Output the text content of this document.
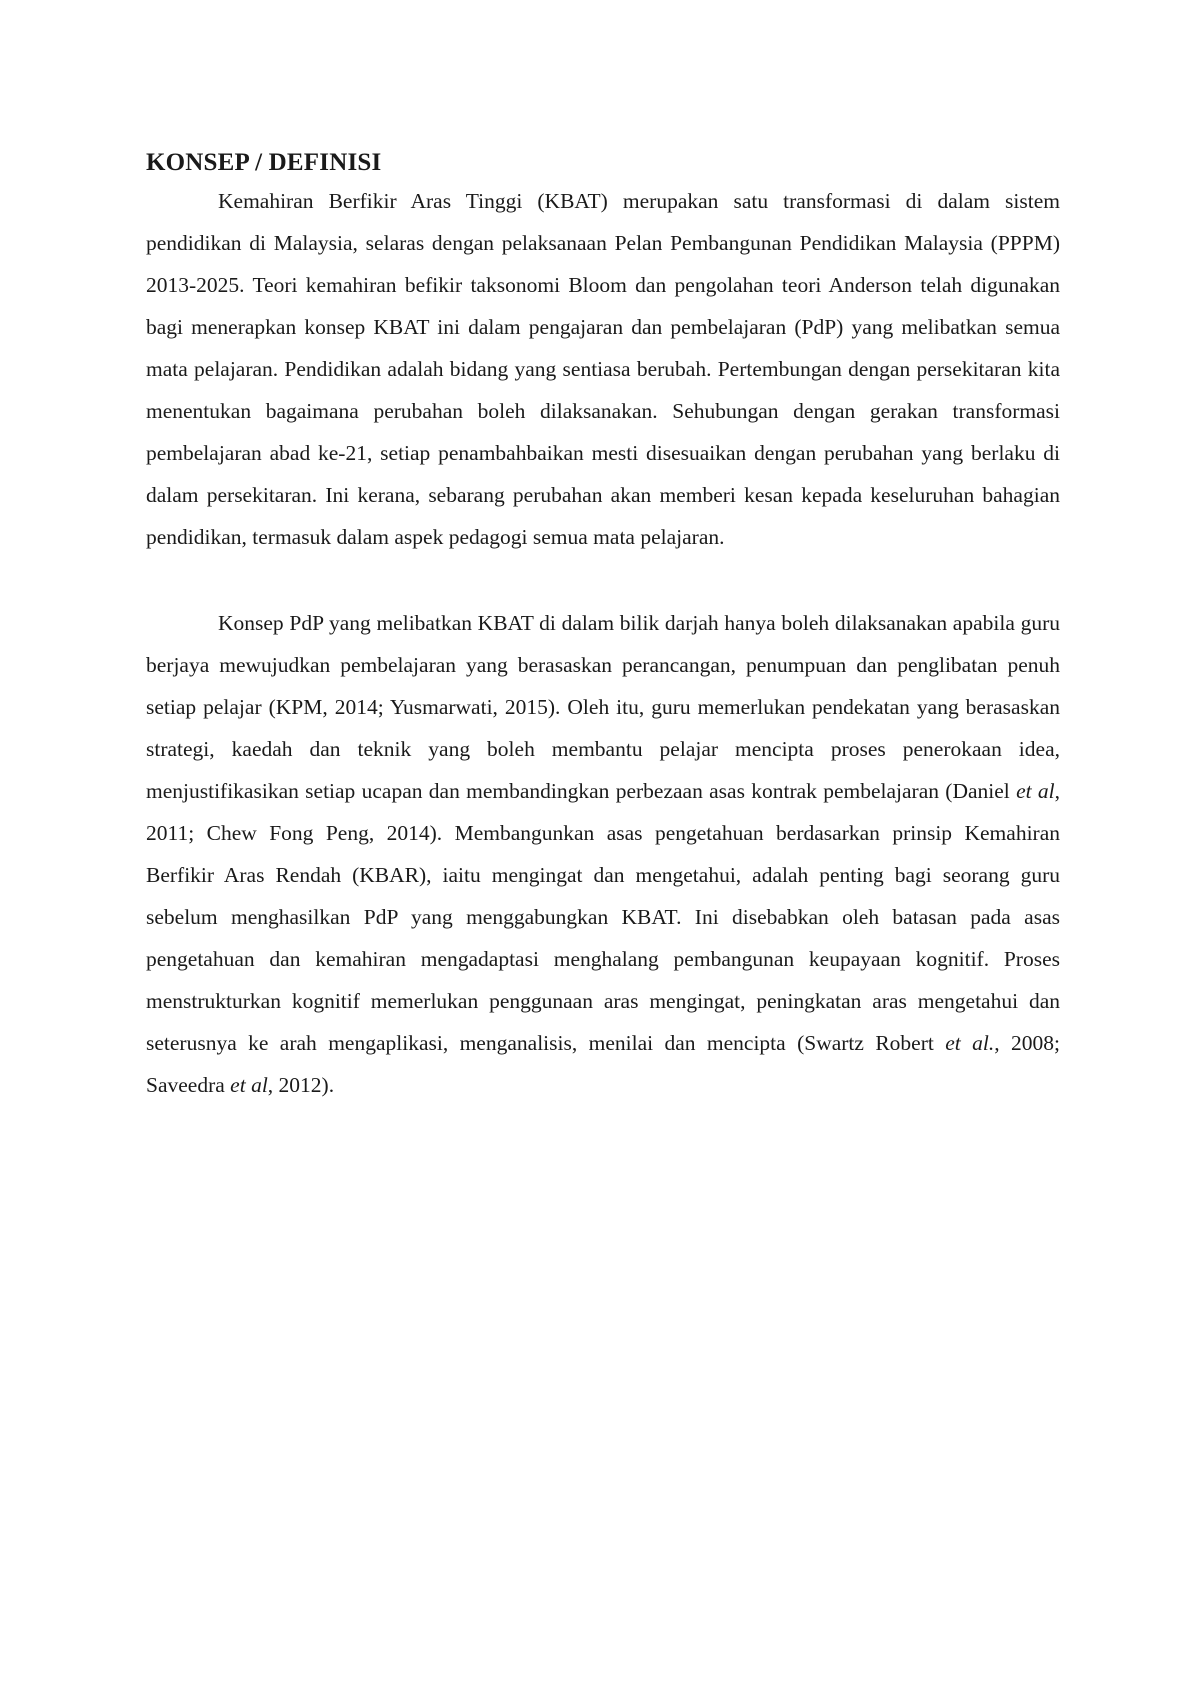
KONSEP / DEFINISI

Kemahiran Berfikir Aras Tinggi (KBAT) merupakan satu transformasi di dalam sistem pendidikan di Malaysia, selaras dengan pelaksanaan Pelan Pembangunan Pendidikan Malaysia (PPPM) 2013-2025. Teori kemahiran befikir taksonomi Bloom dan pengolahan teori Anderson telah digunakan bagi menerapkan konsep KBAT ini dalam pengajaran dan pembelajaran (PdP) yang melibatkan semua mata pelajaran. Pendidikan adalah bidang yang sentiasa berubah. Pertembungan dengan persekitaran kita menentukan bagaimana perubahan boleh dilaksanakan. Sehubungan dengan gerakan transformasi pembelajaran abad ke-21, setiap penambahbaikan mesti disesuaikan dengan perubahan yang berlaku di dalam persekitaran. Ini kerana, sebarang perubahan akan memberi kesan kepada keseluruhan bahagian pendidikan, termasuk dalam aspek pedagogi semua mata pelajaran.

Konsep PdP yang melibatkan KBAT di dalam bilik darjah hanya boleh dilaksanakan apabila guru berjaya mewujudkan pembelajaran yang berasaskan perancangan, penumpuan dan penglibatan penuh setiap pelajar (KPM, 2014; Yusmarwati, 2015). Oleh itu, guru memerlukan pendekatan yang berasaskan strategi, kaedah dan teknik yang boleh membantu pelajar mencipta proses penerokaan idea, menjustifikasikan setiap ucapan dan membandingkan perbezaan asas kontrak pembelajaran (Daniel et al, 2011; Chew Fong Peng, 2014). Membangunkan asas pengetahuan berdasarkan prinsip Kemahiran Berfikir Aras Rendah (KBAR), iaitu mengingat dan mengetahui, adalah penting bagi seorang guru sebelum menghasilkan PdP yang menggabungkan KBAT. Ini disebabkan oleh batasan pada asas pengetahuan dan kemahiran mengadaptasi menghalang pembangunan keupayaan kognitif. Proses menstrukturkan kognitif memerlukan penggunaan aras mengingat, peningkatan aras mengetahui dan seterusnya ke arah mengaplikasi, menganalisis, menilai dan mencipta (Swartz Robert et al., 2008; Saveedra et al, 2012).
